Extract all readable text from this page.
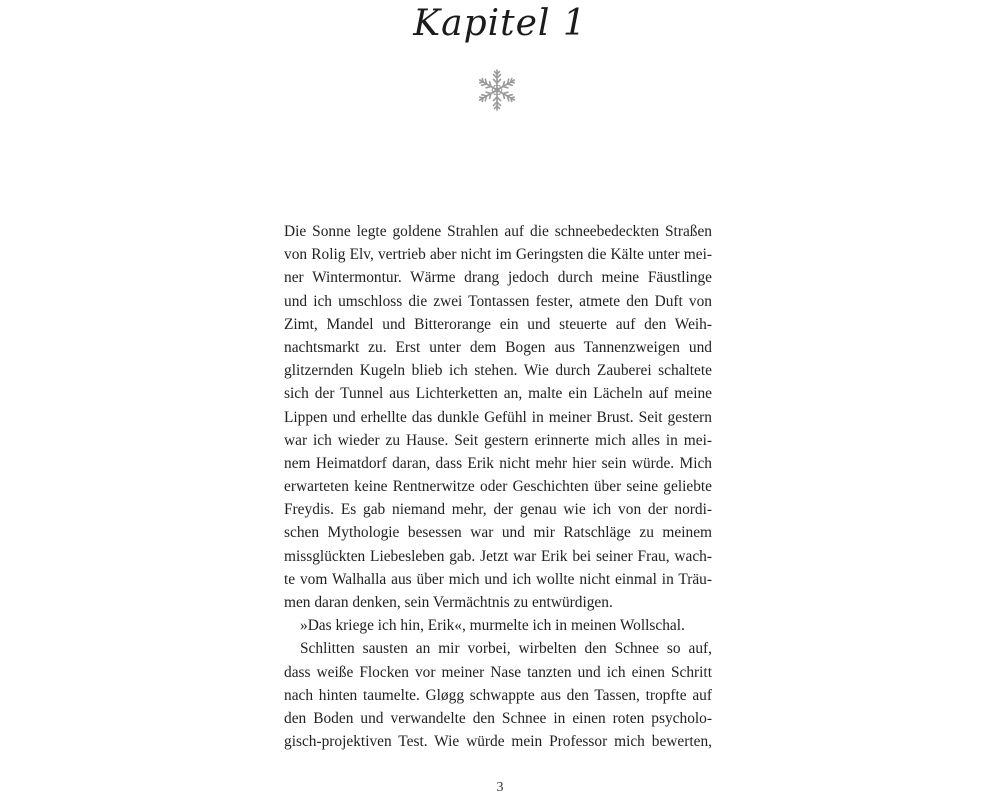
Kapitel 1

Die Sonne legte goldene Strahlen auf die schneebedeckten Straßen
von Rolig Elv, vertrieb aber nicht im Geringsten die Kälte unter mei-
ner Wintermontur. Wärme drang jedoch durch meine Fäustlinge
und ich umschloss die zwei Tontassen fester, atmete den Duft von
Zimt, Mandel und Bitterorange ein und steuerte auf den Weih-
nachtsmarkt zu. Erst unter dem Bogen aus Tannenzweigen und
glitzernden Kugeln blieb ich stehen. Wie durch Zauberei schaltete
sich der Tunnel aus Lichterketten an, malte ein Lächeln auf meine
Lippen und erhellte das dunkle Gefühl in meiner Brust. Seit gestern
war ich wieder zu Hause. Seit gestern erinnerte mich alles in mei-
nem Heimatdorf daran, dass Erik nicht mehr hier sein würde. Mich
erwarteten keine Rentnerwitze oder Geschichten über seine geliebte
Freydis. Es gab niemand mehr, der genau wie ich von der nordi-
schen Mythologie besessen war und mir Ratschläge zu meinem
missglückten Liebesleben gab. Jetzt war Erik bei seiner Frau, wach-
te vom Walhalla aus über mich und ich wollte nicht einmal in Träu-
men daran denken, sein Vermächtnis zu entwürdigen.

»Das kriege ich hin, Erik«, murmelte ich in meinen Wollschal.

Schlitten sausten an mir vorbei, wirbelten den Schnee so auf,
dass weiße Flocken vor meiner Nase tanzten und ich einen Schritt
nach hinten taumelte. Gløgg schwappte aus den Tassen, tropfte auf
den Boden und verwandelte den Schnee in einen roten psycholo-
gisch-projektiven Test. Wie würde mein Professor mich bewerten,

3
